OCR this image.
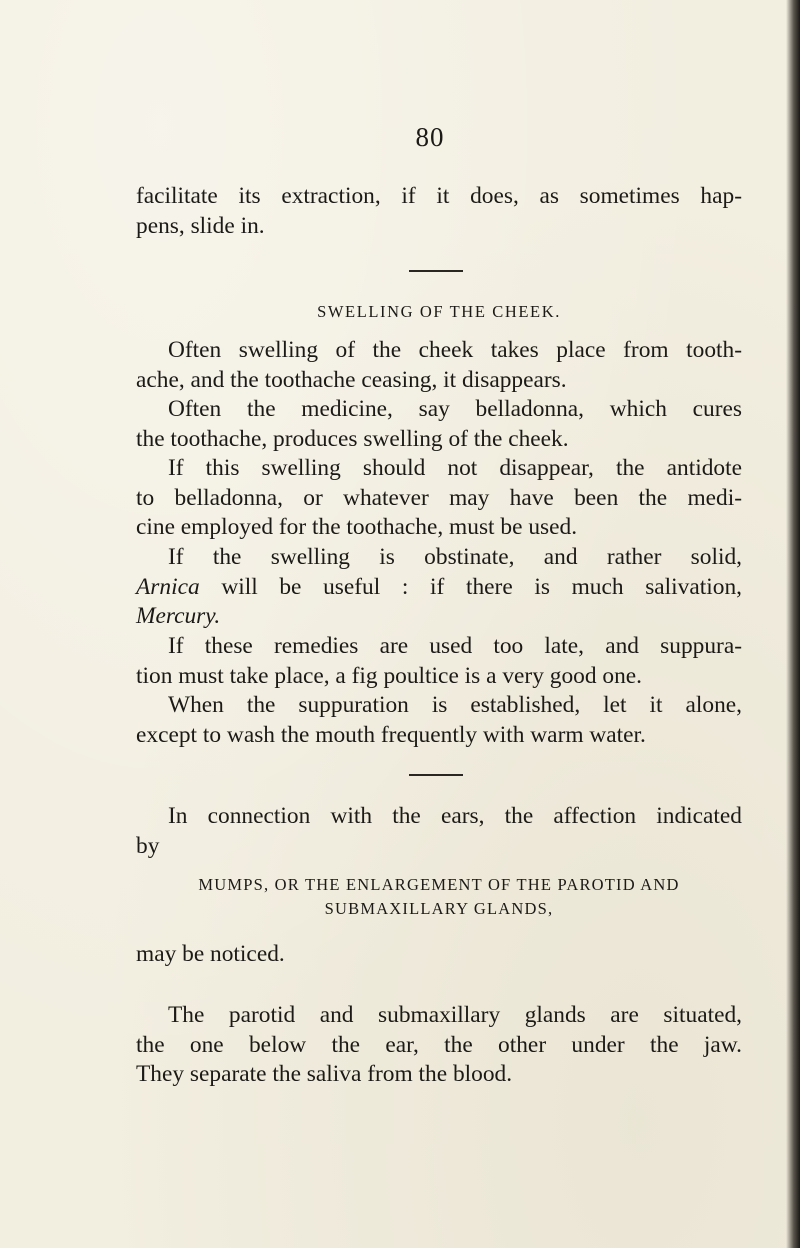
80
facilitate its extraction, if it does, as sometimes hap-
pens, slide in.
SWELLING OF THE CHEEK.
Often swelling of the cheek takes place from tooth-
ache, and the toothache ceasing, it disappears.
Often the medicine, say belladonna, which cures
the toothache, produces swelling of the cheek.
If this swelling should not disappear, the antidote
to belladonna, or whatever may have been the medi-
cine employed for the toothache, must be used.
If the swelling is obstinate, and rather solid,
Arnica will be useful : if there is much salivation,
Mercury.
If these remedies are used too late, and suppura-
tion must take place, a fig poultice is a very good one.
When the suppuration is established, let it alone,
except to wash the mouth frequently with warm water.
In connection with the ears, the affection indicated
by
MUMPS, OR THE ENLARGEMENT OF THE PAROTID AND
SUBMAXILLARY GLANDS,
may be noticed.
The parotid and submaxillary glands are situated,
the one below the ear, the other under the jaw.
They separate the saliva from the blood.
